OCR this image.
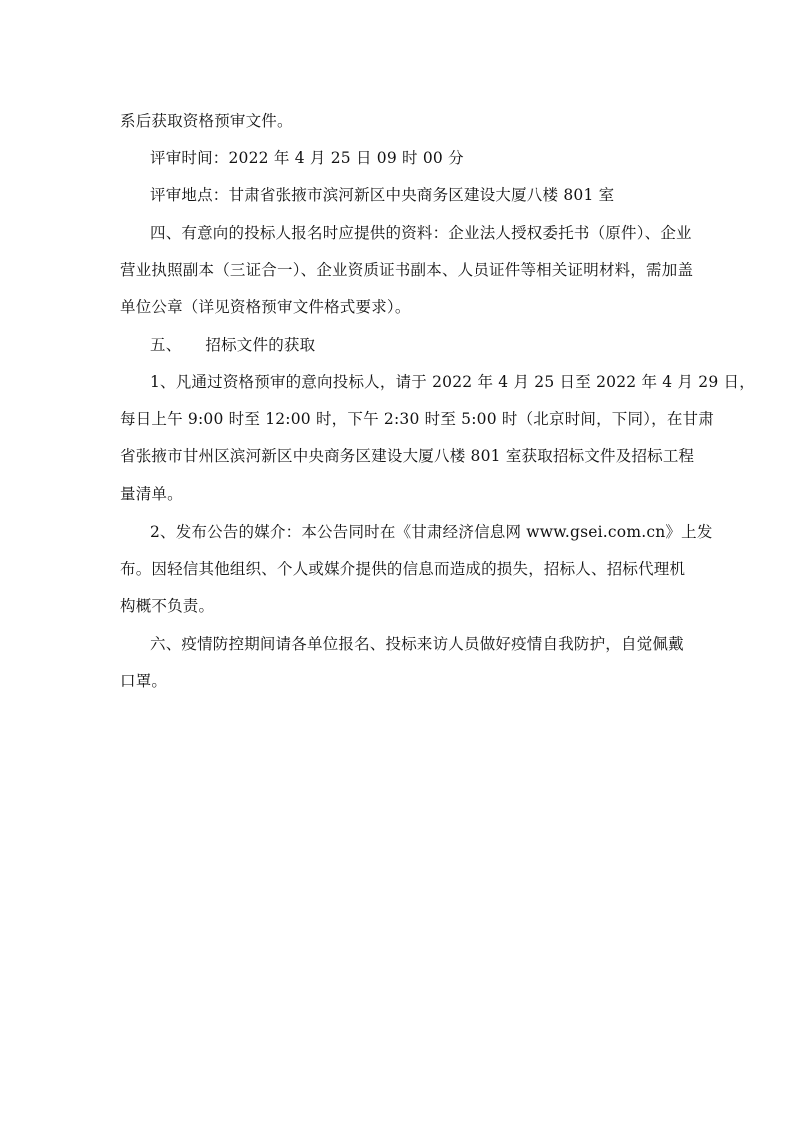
系后获取资格预审文件。
评审时间：2022 年 4 月 25 日 09 时 00 分
评审地点：甘肃省张掖市滨河新区中央商务区建设大厦八楼 801 室
四、有意向的投标人报名时应提供的资料：企业法人授权委托书（原件）、企业
营业执照副本（三证合一）、企业资质证书副本、人员证件等相关证明材料，需加盖
单位公章（详见资格预审文件格式要求）。
五、 招标文件的获取
1、凡通过资格预审的意向投标人，请于 2022 年 4 月 25 日至 2022 年 4 月 29 日，
每日上午 9:00 时至 12:00 时，下午 2:30 时至 5:00 时（北京时间，下同），在甘肃
省张掖市甘州区滨河新区中央商务区建设大厦八楼 801 室获取招标文件及招标工程
量清单。
2、发布公告的媒介：本公告同时在《甘肃经济信息网 www.gsei.com.cn》上发
布。因轻信其他组织、个人或媒介提供的信息而造成的损失，招标人、招标代理机
构概不负责。
六、疫情防控期间请各单位报名、投标来访人员做好疫情自我防护，自觉佩戴
口罩。
